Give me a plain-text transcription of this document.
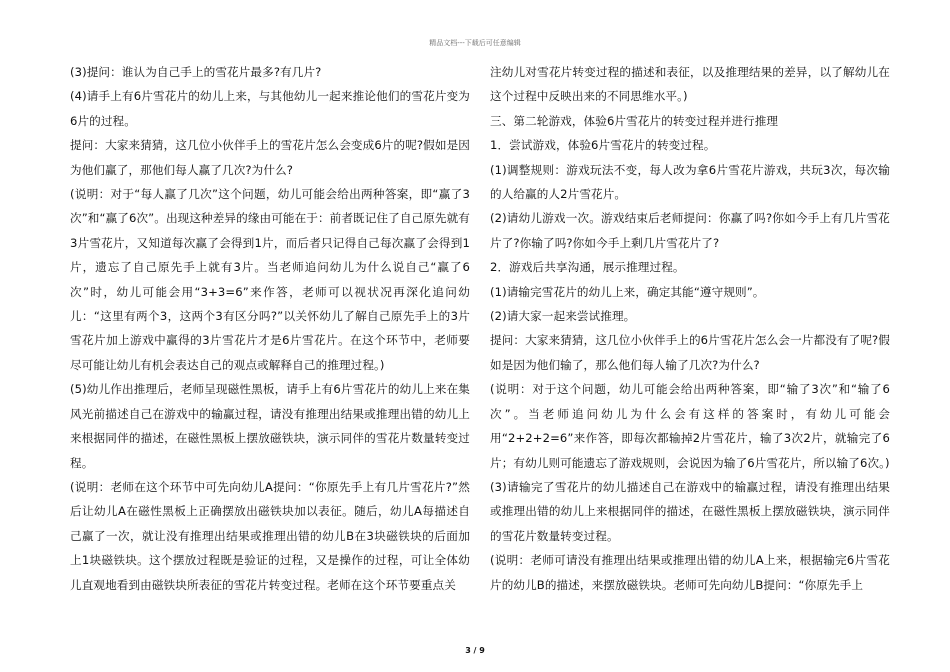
精品文档---下载后可任意编辑

(3)提问：谁认为自己手上的雪花片最多?有几片?

(4)请手上有6片雪花片的幼儿上来，与其他幼儿一起来推论他们的雪花片变为6片的过程。

提问：大家来猜猜，这几位小伙伴手上的雪花片怎么会变成6片的呢?假如是因为他们赢了，那他们每人赢了几次?为什么?

(说明：对于“每人赢了几次”这个问题，幼儿可能会给出两种答案，即“赢了3次”和“赢了6次”。出现这种差异的缘由可能在于：前者既记住了自己原先就有3片雪花片，又知道每次赢了会得到1片，而后者只记得自己每次赢了会得到1片，遗忘了自己原先手上就有3片。当老师追问幼儿为什么说自己“赢了6次”时，幼儿可能会用“3+3=6”来作答，老师可以视状况再深化追问幼儿：“这里有两个3，这两个3有区分吗?”以关怀幼儿了解自己原先手上的3片雪花片加上游戏中赢得的3片雪花片才是6片雪花片。在这个环节中，老师要尽可能让幼儿有机会表达自己的观点或解释自己的推理过程。)

(5)幼儿作出推理后，老师呈现磁性黑板，请手上有6片雪花片的幼儿上来在集风光前描述自己在游戏中的输赢过程，请没有推理出结果或推理出错的幼儿上来根据同伴的描述，在磁性黑板上摆放磁铁块，演示同伴的雪花片数量转变过程。

(说明：老师在这个环节中可先向幼儿A提问：“你原先手上有几片雪花片?”然后让幼儿A在磁性黑板上正确摆放出磁铁块加以表征。随后，幼儿A每描述自己赢了一次，就让没有推理出结果或推理出错的幼儿B在3块磁铁块的后面加上1块磁铁块。这个摆放过程既是验证的过程，又是操作的过程，可让全体幼儿直观地看到由磁铁块所表征的雪花片转变过程。老师在这个环节要重点关

注幼儿对雪花片转变过程的描述和表征，以及推理结果的差异，以了解幼儿在这个过程中反映出来的不同思维水平。)

三、第二轮游戏，体验6片雪花片的转变过程并进行推理

1．尝试游戏，体验6片雪花片的转变过程。

(1)调整规则：游戏玩法不变，每人改为拿6片雪花片游戏，共玩3次，每次输的人给赢的人2片雪花片。

(2)请幼儿游戏一次。游戏结束后老师提问：你赢了吗?你如今手上有几片雪花片了?你输了吗?你如今手上剩几片雪花片了?

2．游戏后共享沟通，展示推理过程。

(1)请输完雪花片的幼儿上来，确定其能“遵守规则”。

(2)请大家一起来尝试推理。

提问：大家来猜猜，这几位小伙伴手上的6片雪花片怎么会一片都没有了呢?假如是因为他们输了，那么他们每人输了几次?为什么?

(说明：对于这个问题，幼儿可能会给出两种答案，即“输了3次”和“输了6次”。当老师追问幼儿为什么会有这样的答案时，有幼儿可能会用“2+2+2=6”来作答，即每次都输掉2片雪花片，输了3次2片，就输完了6片；有幼儿则可能遗忘了游戏规则，会说因为输了6片雪花片，所以输了6次。)

(3)请输完了雪花片的幼儿描述自己在游戏中的输赢过程，请没有推理出结果或推理出错的幼儿上来根据同伴的描述，在磁性黑板上摆放磁铁块，演示同伴的雪花片数量转变过程。

(说明：老师可请没有推理出结果或推理出错的幼儿A上来，根据输完6片雪花片的幼儿B的描述，来摆放磁铁块。老师可先向幼儿B提问：“你原先手上

3 / 9
